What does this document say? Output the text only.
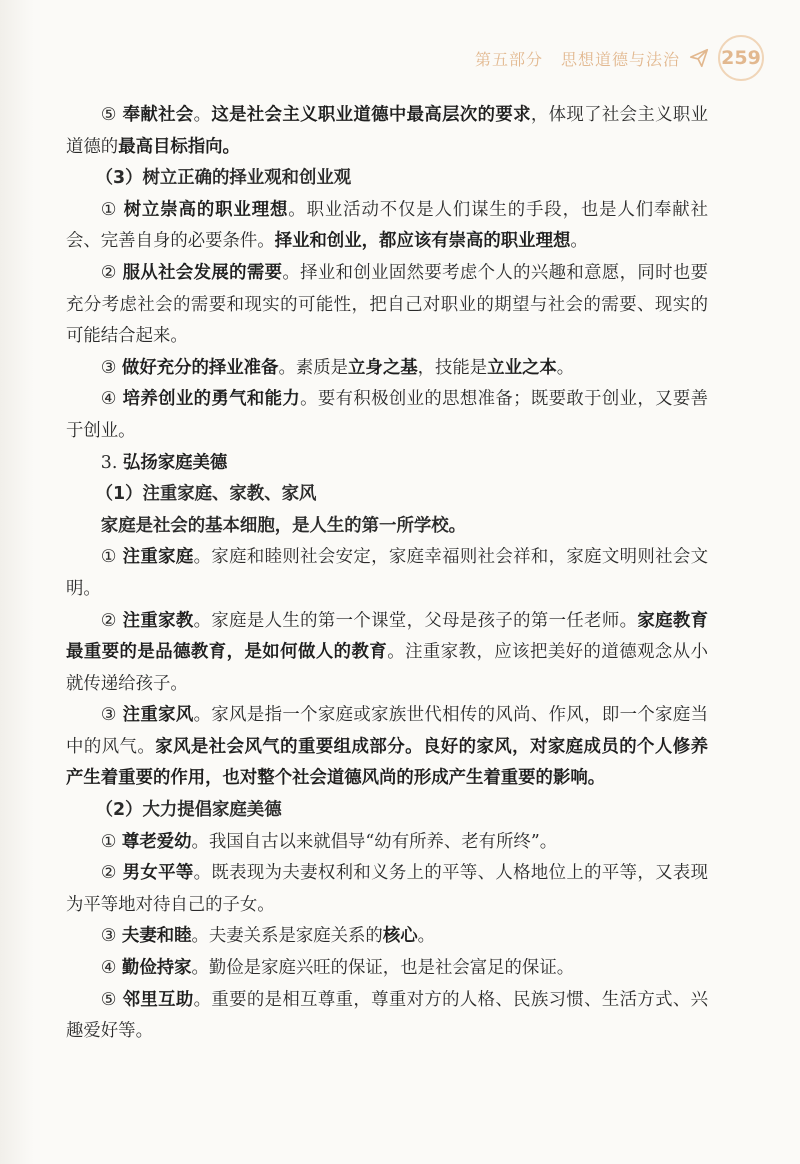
第五部分 思想道德与法治 259

⑤ 奉献社会。这是社会主义职业道德中最高层次的要求，体现了社会主义职业道德的最高目标指向。

（3）树立正确的择业观和创业观

① 树立崇高的职业理想。职业活动不仅是人们谋生的手段，也是人们奉献社会、完善自身的必要条件。择业和创业，都应该有崇高的职业理想。

② 服从社会发展的需要。择业和创业固然要考虑个人的兴趣和意愿，同时也要充分考虑社会的需要和现实的可能性，把自己对职业的期望与社会的需要、现实的可能结合起来。

③ 做好充分的择业准备。素质是立身之基，技能是立业之本。

④ 培养创业的勇气和能力。要有积极创业的思想准备；既要敢于创业，又要善于创业。

3. 弘扬家庭美德

（1）注重家庭、家教、家风

家庭是社会的基本细胞，是人生的第一所学校。

① 注重家庭。家庭和睦则社会安定，家庭幸福则社会祥和，家庭文明则社会文明。

② 注重家教。家庭是人生的第一个课堂，父母是孩子的第一任老师。家庭教育最重要的是品德教育，是如何做人的教育。注重家教，应该把美好的道德观念从小就传递给孩子。

③ 注重家风。家风是指一个家庭或家族世代相传的风尚、作风，即一个家庭当中的风气。家风是社会风气的重要组成部分。良好的家风，对家庭成员的个人修养产生着重要的作用，也对整个社会道德风尚的形成产生着重要的影响。

（2）大力提倡家庭美德

① 尊老爱幼。我国自古以来就倡导“幼有所养、老有所终”。

② 男女平等。既表现为夫妻权利和义务上的平等、人格地位上的平等，又表现为平等地对待自己的子女。

③ 夫妻和睦。夫妻关系是家庭关系的核心。

④ 勤俭持家。勤俭是家庭兴旺的保证，也是社会富足的保证。

⑤ 邻里互助。重要的是相互尊重，尊重对方的人格、民族习惯、生活方式、兴趣爱好等。
